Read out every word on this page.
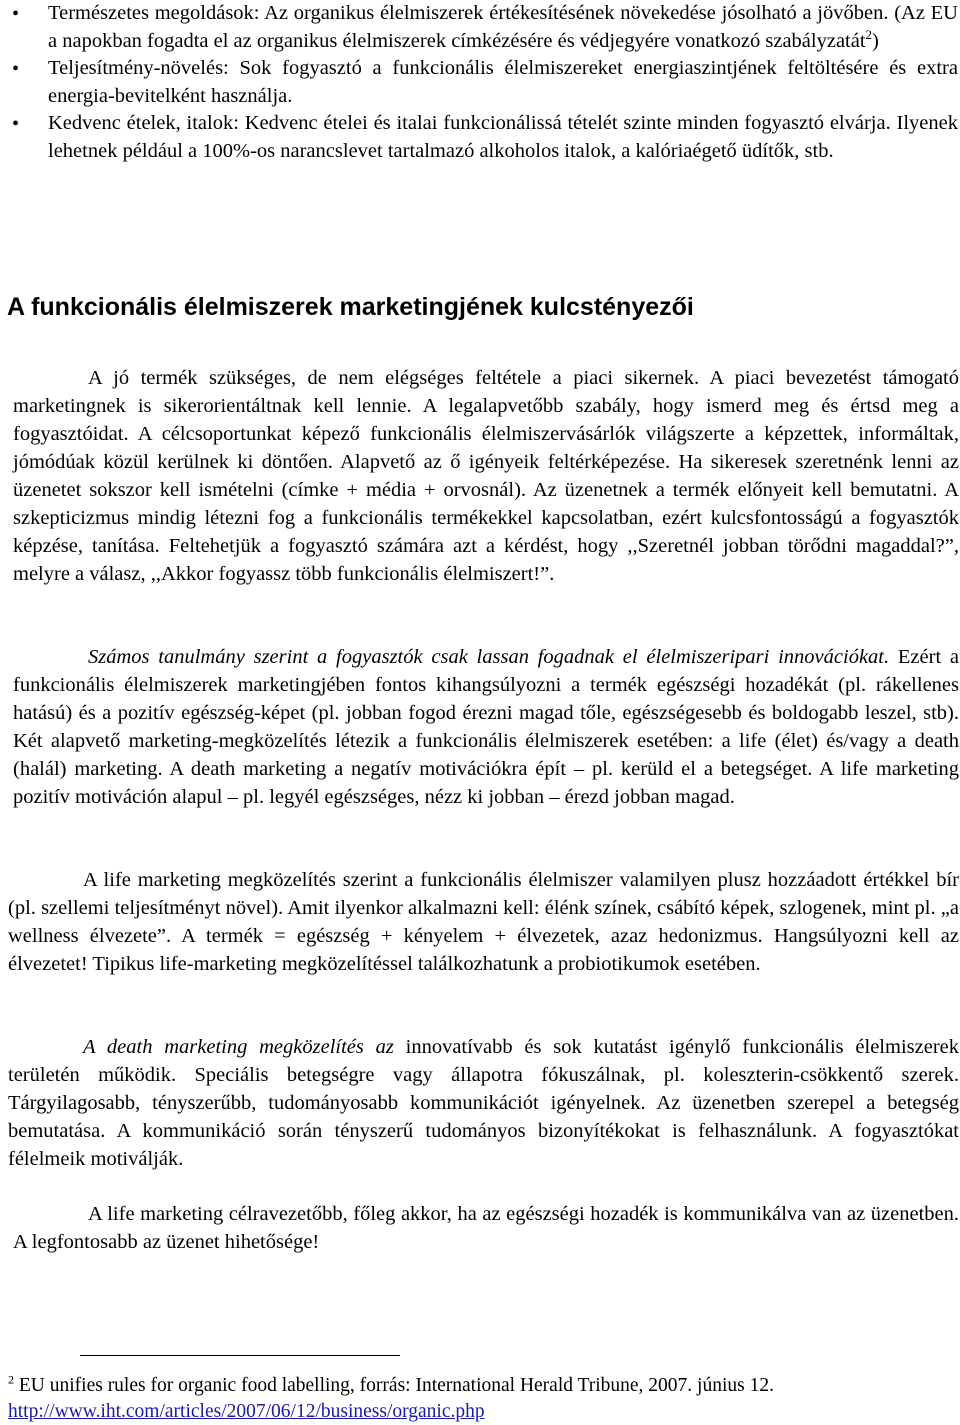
• Természetes megoldások: Az organikus élelmiszerek értékesítésének növekedése jósolható a jövőben. (Az EU a napokban fogadta el az organikus élelmiszerek címkézésére és védjegyére vonatkozó szabályzatát$^2$)
• Teljesítmény-növelés: Sok fogyasztó a funkcionális élelmiszereket energiaszintjének feltöltésére és extra energia-bevitelként használja.
• Kedvenc ételek, italok: Kedvenc ételei és italai funkcionálissá tételét szinte minden fogyasztó elvárja. Ilyenek lehetnek például a 100%-os narancslevet tartalmazó alkoholos italok, a kalóriaégető üdítők, stb.
A funkcionális élelmiszerek marketingjének kulcstényezői
A jó termék szükséges, de nem elégséges feltétele a piaci sikernek. A piaci bevezetést támogató marketingnek is sikerorientáltnak kell lennie. A legalapvetőbb szabály, hogy ismerd meg és értsd meg a fogyasztóidat. A célcsoportunkat képező funkcionális élelmiszervásárlók világszerte a képzettek, informáltak, jómódúak közül kerülnek ki döntően. Alapvető az ő igényeik feltérképezése. Ha sikeresek szeretnénk lenni az üzenetet sokszor kell ismételni (címke + média + orvosnál). Az üzenetnek a termék előnyeit kell bemutatni. A szkepticizmus mindig létezni fog a funkcionális termékekkel kapcsolatban, ezért kulcsfontosságú a fogyasztók képzése, tanítása. Feltehetjük a fogyasztó számára azt a kérdést, hogy ,,Szeretnél jobban törődni magaddal?”, melyre a válasz, ,,Akkor fogyassz több funkcionális élelmiszert!”.
Számos tanulmány szerint a fogyasztók csak lassan fogadnak el élelmiszeripari innovációkat. Ezért a funkcionális élelmiszerek marketingjében fontos kihangsúlyozni a termék egészségi hozadékát (pl. rákellenes hatású) és a pozitív egészség-képet (pl. jobban fogod érezni magad tőle, egészségesebb és boldogabb leszel, stb). Két alapvető marketing-megközelítés létezik a funkcionális élelmiszerek esetében: a life (élet) és/vagy a death (halál) marketing. A death marketing a negatív motivációkra épít – pl. kerüld el a betegséget. A life marketing pozitív motiváción alapul – pl. legyél egészséges, nézz ki jobban – érezd jobban magad.
A life marketing megközelítés szerint a funkcionális élelmiszer valamilyen plusz hozzáadott értékkel bír (pl. szellemi teljesítményt növel). Amit ilyenkor alkalmazni kell: élénk színek, csábító képek, szlogenek, mint pl. „a wellness élvezete”. A termék = egészség + kényelem + élvezetek, azaz hedonizmus. Hangsúlyozni kell az élvezetet! Tipikus life-marketing megközelítéssel találkozhatunk a probiotikumok esetében.
A death marketing megközelítés az innovatívabb és sok kutatást igénylő funkcionális élelmiszerek területén működik. Speciális betegségre vagy állapotra fókuszálnak, pl. koleszterin-csökkentő szerek. Tárgyilagosabb, tényszerűbb, tudományosabb kommunikációt igényelnek. Az üzenetben szerepel a betegség bemutatása. A kommunikáció során tényszerű tudományos bizonyítékokat is felhasználunk. A fogyasztókat félelmeik motiválják.
A life marketing célravezetőbb, főleg akkor, ha az egészségi hozadék is kommunikálva van az üzenetben. A legfontosabb az üzenet hihetősége!
$^2$ EU unifies rules for organic food labelling, forrás: International Herald Tribune, 2007. június 12.
http://www.iht.com/articles/2007/06/12/business/organic.php
